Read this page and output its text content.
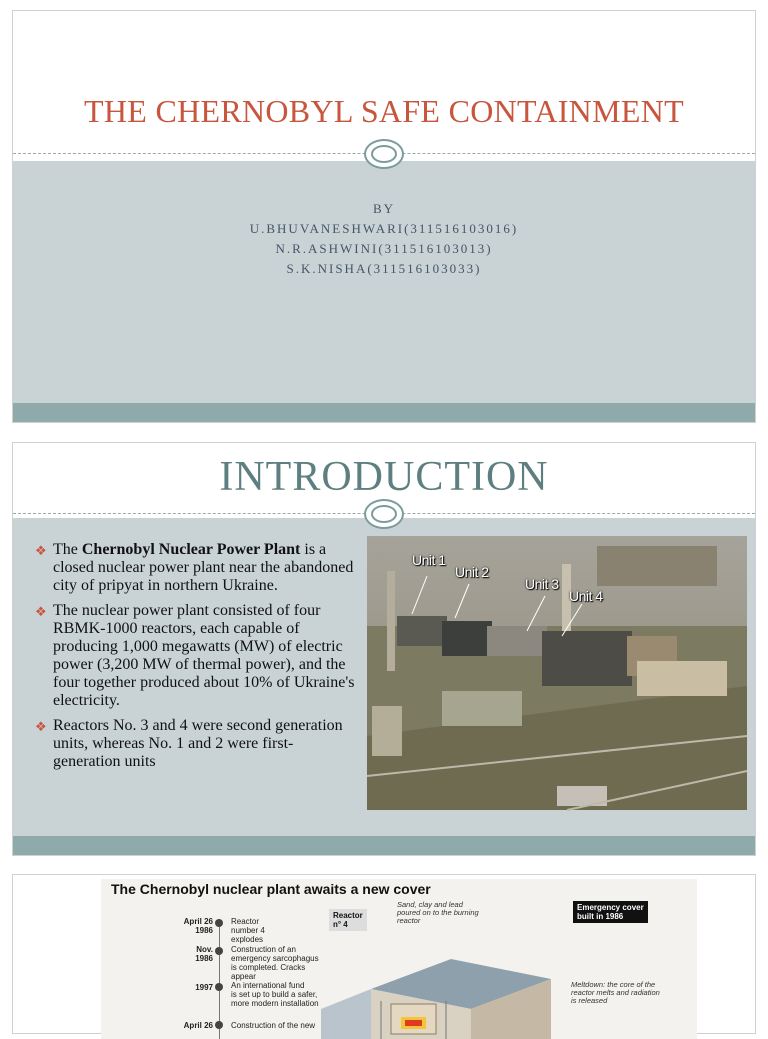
THE CHERNOBYL SAFE CONTAINMENT
BY
U.BHUVANESHWARI(311516103016)
N.R.ASHWINI(311516103013)
S.K.NISHA(311516103033)
INTRODUCTION
❖ The Chernobyl Nuclear Power Plant is a closed nuclear power plant near the abandoned city of pripyat in northern Ukraine.
❖ The nuclear power plant consisted of four RBMK-1000 reactors, each capable of producing 1,000 megawatts (MW) of electric power (3,200 MW of thermal power), and the four together produced about 10% of Ukraine's electricity.
❖ Reactors No. 3 and 4 were second generation units, whereas No. 1 and 2 were first-generation units
Unit 1
Unit 2
Unit 3
Unit 4
The Chernobyl nuclear plant awaits a new cover
April 26
1986
Reactor
number 4
explodes
Nov.
1986
Construction of an
emergency sarcophagus
is completed. Cracks
appear
1997 An international fund
is set up to build a safer,
more modern installation
April 26 Construction of the new
Reactor
n° 4
Sand, clay and lead
poured on to the burning
reactor
Emergency cover
built in 1986
Meltdown: the core of the
reactor melts and radiation
is released
